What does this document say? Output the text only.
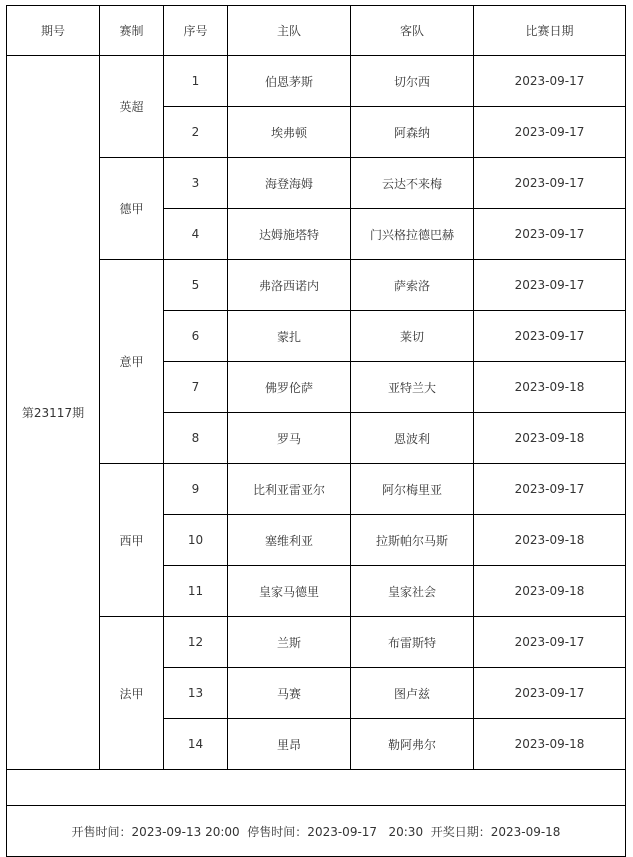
期号	赛制	序号	主队	客队	比赛日期
第23117期	英超	1	伯恩茅斯	切尔西	2023-09-17
		2	埃弗顿	阿森纳	2023-09-17
	德甲	3	海登海姆	云达不来梅	2023-09-17
		4	达姆施塔特	门兴格拉德巴赫	2023-09-17
	意甲	5	弗洛西诺内	萨索洛	2023-09-17
		6	蒙扎	莱切	2023-09-17
		7	佛罗伦萨	亚特兰大	2023-09-18
		8	罗马	恩波利	2023-09-18
	西甲	9	比利亚雷亚尔	阿尔梅里亚	2023-09-17
		10	塞维利亚	拉斯帕尔马斯	2023-09-18
		11	皇家马德里	皇家社会	2023-09-18
	法甲	12	兰斯	布雷斯特	2023-09-17
		13	马赛	图卢兹	2023-09-17
		14	里昂	勒阿弗尔	2023-09-18

开售时间：2023-09-13 20:00  停售时间：2023-09-17   20:30  开奖日期：2023-09-18					
